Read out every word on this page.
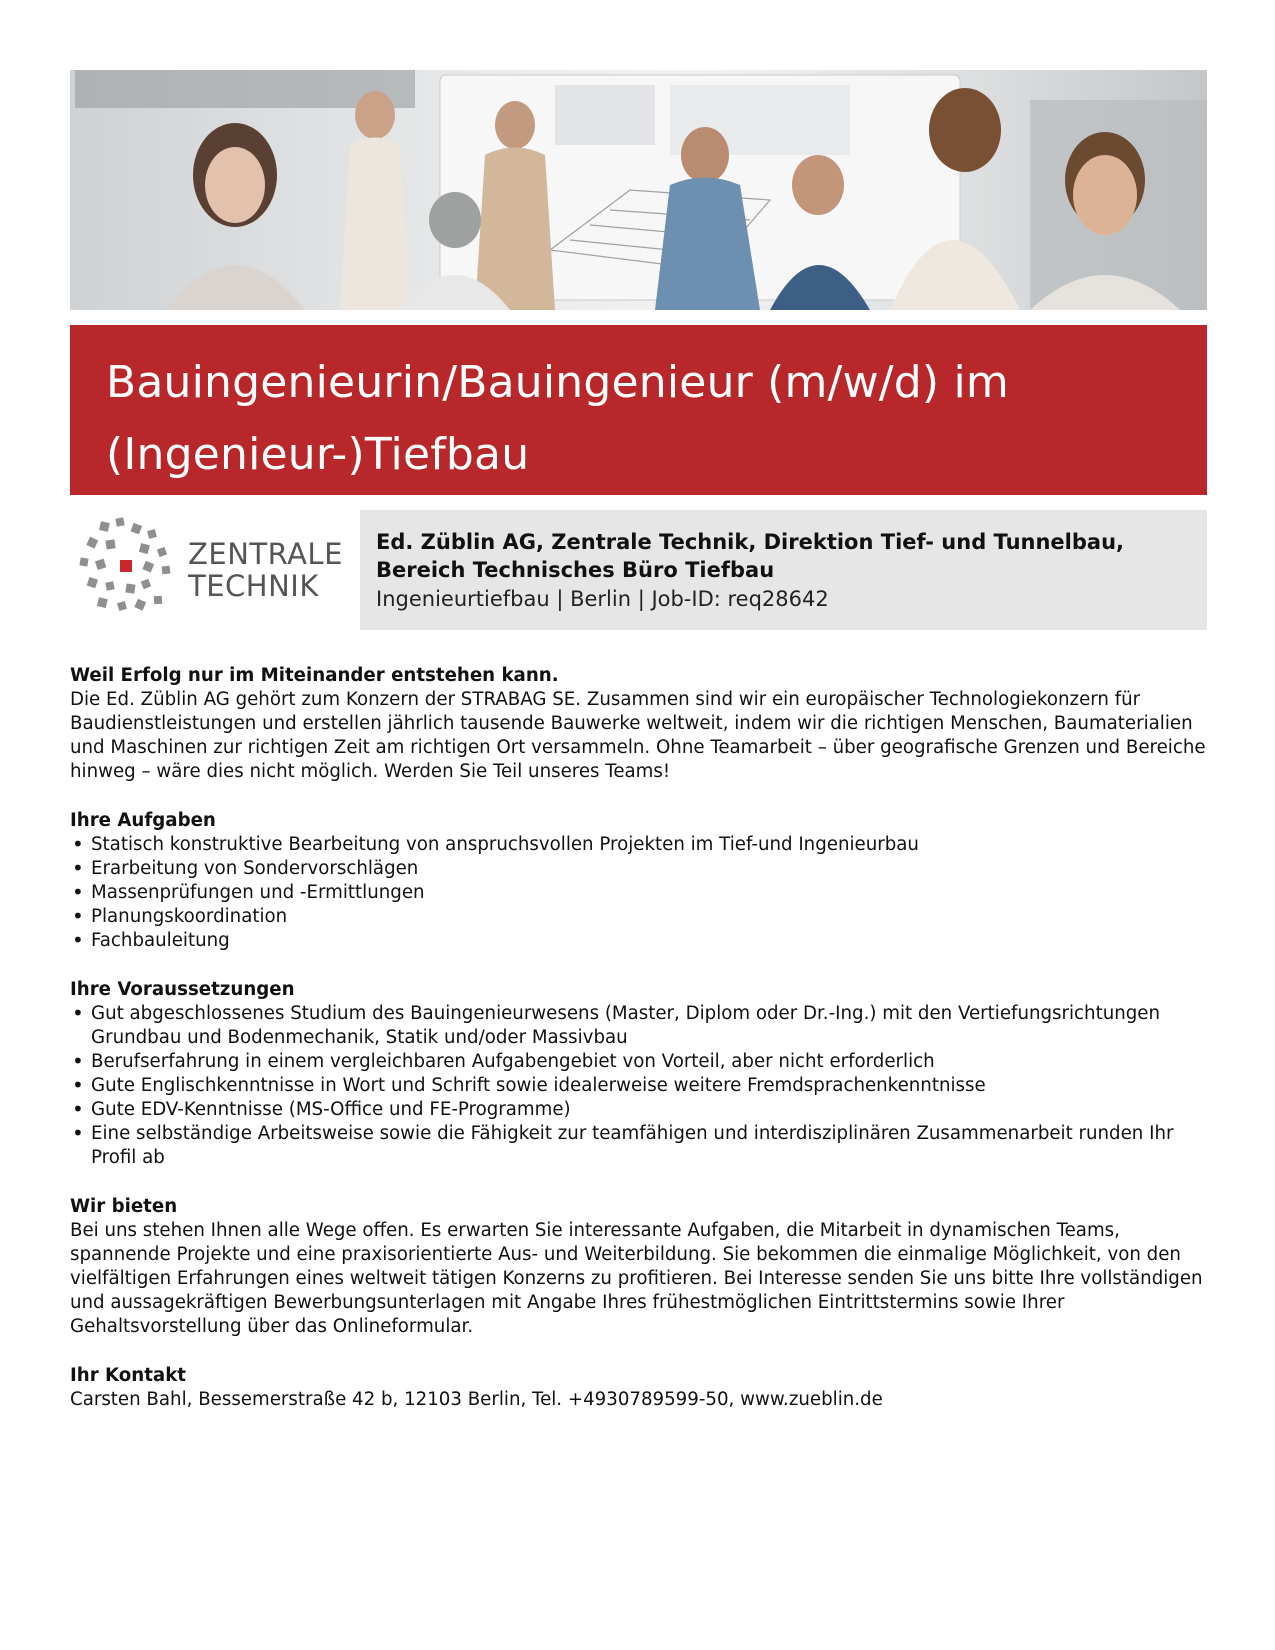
Bauingenieurin/Bauingenieur (m/w/d) im
(Ingenieur-)Tiefbau
ZENTRALE
TECHNIK
Ed. Züblin AG, Zentrale Technik, Direktion Tief- und Tunnelbau,
Bereich Technisches Büro Tiefbau
Ingenieurtiefbau | Berlin | Job-ID: req28642
Weil Erfolg nur im Miteinander entstehen kann.

Die Ed. Züblin AG gehört zum Konzern der STRABAG SE. Zusammen sind wir ein europäischer Technologiekonzern für Baudienstleistungen und erstellen jährlich tausende Bauwerke weltweit, indem wir die richtigen Menschen, Baumaterialien und Maschinen zur richtigen Zeit am richtigen Ort versammeln. Ohne Teamarbeit – über geografische Grenzen und Bereiche hinweg – wäre dies nicht möglich. Werden Sie Teil unseres Teams!

Ihre Aufgaben
• Statisch konstruktive Bearbeitung von anspruchsvollen Projekten im Tief-und Ingenieurbau
• Erarbeitung von Sondervorschlägen
• Massenprüfungen und -Ermittlungen
• Planungskoordination
• Fachbauleitung
Ihre Voraussetzungen
• Gut abgeschlossenes Studium des Bauingenieurwesens (Master, Diplom oder Dr.-Ing.) mit den Vertiefungsrichtungen Grundbau und Bodenmechanik, Statik und/oder Massivbau
• Berufserfahrung in einem vergleichbaren Aufgabengebiet von Vorteil, aber nicht erforderlich
• Gute Englischkenntnisse in Wort und Schrift sowie idealerweise weitere Fremdsprachenkenntnisse
• Gute EDV-Kenntnisse (MS-Office und FE-Programme)
• Eine selbständige Arbeitsweise sowie die Fähigkeit zur teamfähigen und interdisziplinären Zusammenarbeit runden Ihr Profil ab
Wir bieten

Bei uns stehen Ihnen alle Wege offen. Es erwarten Sie interessante Aufgaben, die Mitarbeit in dynamischen Teams, spannende Projekte und eine praxisorientierte Aus- und Weiterbildung. Sie bekommen die einmalige Möglichkeit, von den vielfältigen Erfahrungen eines weltweit tätigen Konzerns zu profitieren. Bei Interesse senden Sie uns bitte Ihre vollständigen und aussagekräftigen Bewerbungsunterlagen mit Angabe Ihres frühestmöglichen Eintrittstermins sowie Ihrer Gehaltsvorstellung über das Onlineformular.

Ihr Kontakt

Carsten Bahl, Bessemerstraße 42 b, 12103 Berlin, Tel. +4930789599-50, www.zueblin.de
